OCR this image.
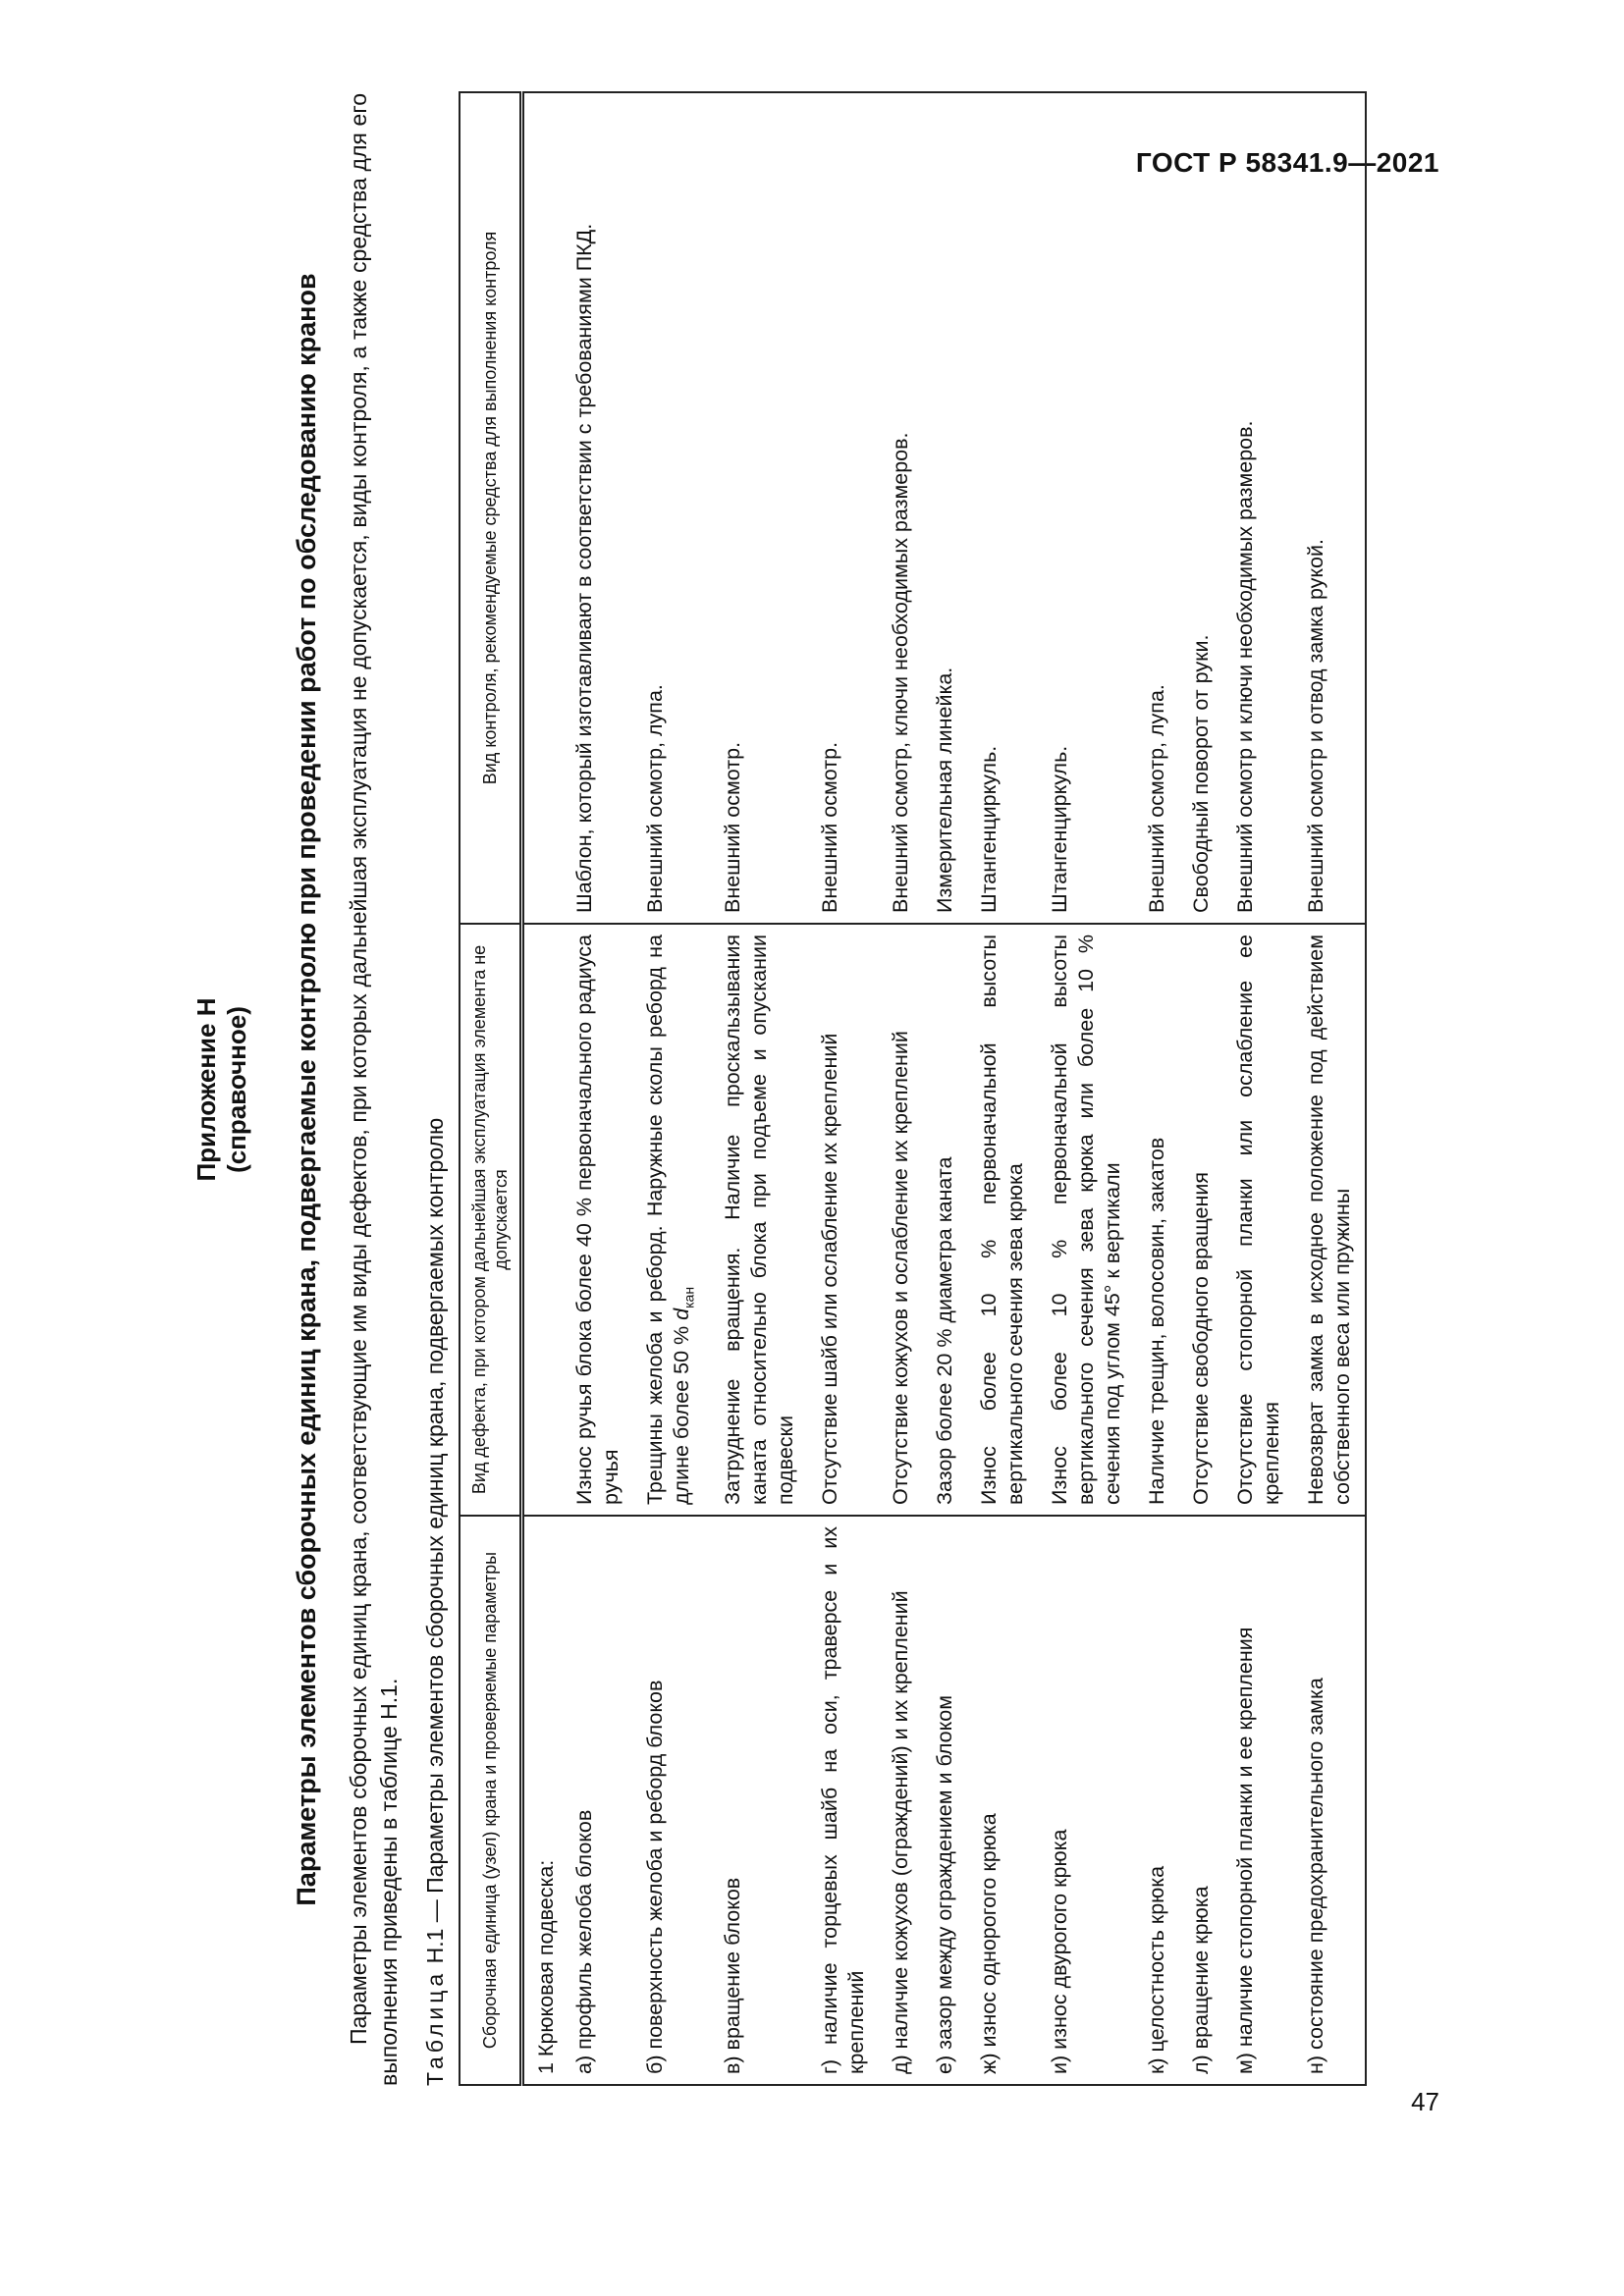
ГОСТ Р 58341.9—2021
47
Приложение Н (справочное) Параметры элементов сборочных единиц крана, подвергаемые контролю при проведении работ по обследованию кранов Параметры элементов сборочных единиц крана, соответствующие им виды дефектов, при которых дальнейшая эксплуатация не допускается, виды контроля, а также средства для его выполнения приведены в таблице Н.1. Таблица Н.1 — Параметры элементов сборочных единиц крана, подвергаемых контролю Сборочная единица (узел) крана и проверяемые параметры	Вид дефекта, при котором дальнейшая эксплуатация элемента не допускается	Вид контроля, рекомендуемые средства для выполнения контроля
1 Крюковая подвеска:		
а) профиль желоба блоков	Износ ручья блока более 40 % первоначального радиуса ручья	Шаблон, который изготавливают в соответствии с требованиями ПКД.
б) поверхность желоба и реборд блоков	Трещины желоба и реборд. Наружные сколы реборд на длине более 50 % $d_{кан}$	Внешний осмотр, лупа.
в) вращение блоков	Затруднение вращения. Наличие проскальзывания каната относительно блока при подъеме и опускании подвески	Внешний осмотр.
г) наличие торцевых шайб на оси, траверсе и их креплений	Отсутствие шайб или ослабление их креплений	Внешний осмотр.
д) наличие кожухов (ограждений) и их креплений	Отсутствие кожухов и ослабление их креплений	Внешний осмотр, ключи необходимых размеров.
е) зазор между ограждением и блоком	Зазор более 20 % диаметра каната	Измерительная линейка.
ж) износ однорогого крюка	Износ более 10 % первоначальной высоты вертикального сечения зева крюка	Штангенциркуль.
и) износ двурогого крюка	Износ более 10 % первоначальной высоты вертикального сечения зева крюка или более 10 % сечения под углом 45° к вертикали	Штангенциркуль.
к) целостность крюка	Наличие трещин, волосовин, закатов	Внешний осмотр, лупа.
л) вращение крюка	Отсутствие свободного вращения	Свободный поворот от руки.
м) наличие стопорной планки и ее крепления	Отсутствие стопорной планки или ослабление ее крепления	Внешний осмотр и ключи необходимых размеров.
н) состояние предохранительного замка	Невозврат замка в исходное положение под действием собственного веса или пружины	Внешний осмотр и отвод замка рукой.
